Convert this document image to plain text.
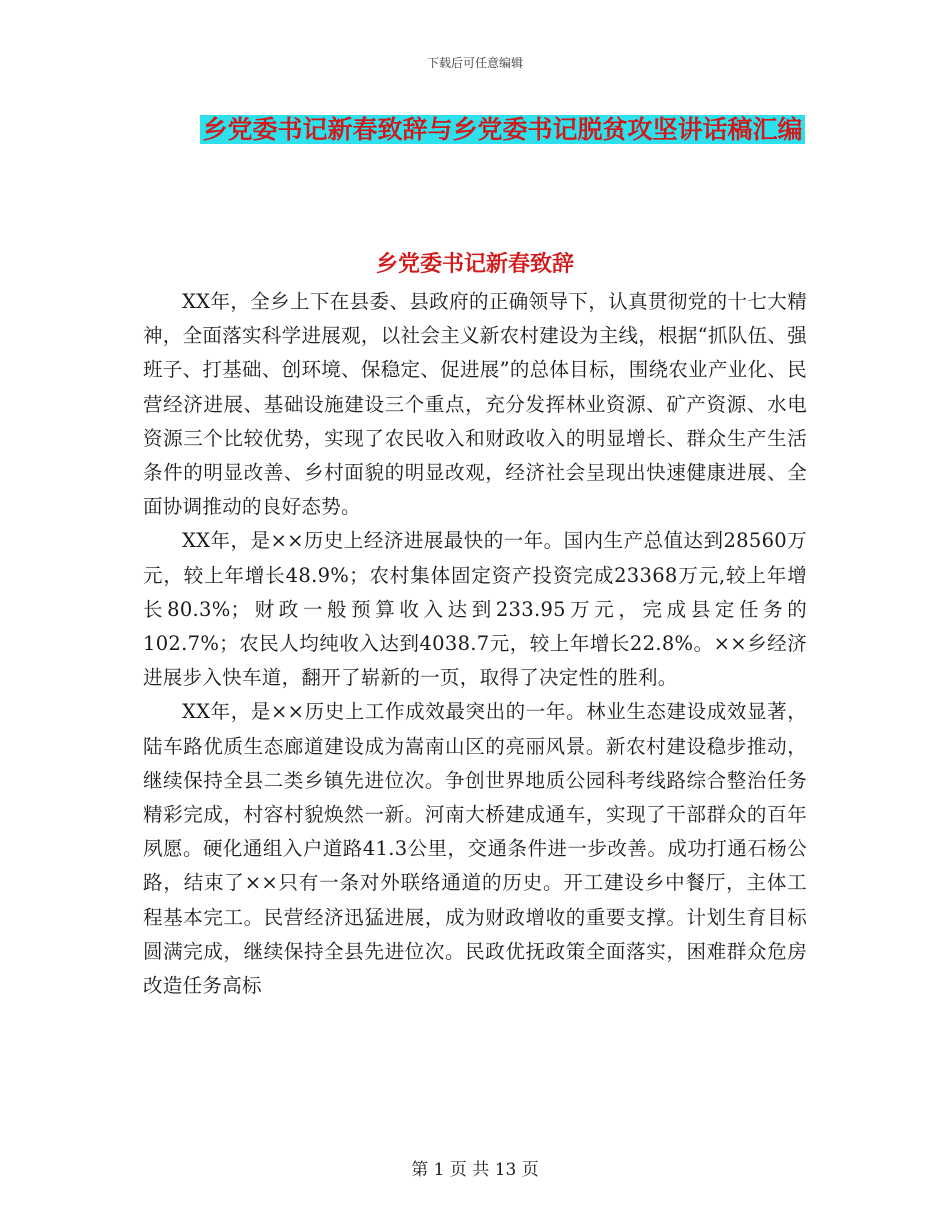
下载后可任意编辑
乡党委书记新春致辞与乡党委书记脱贫攻坚讲话稿汇编
乡党委书记新春致辞

XX年，全乡上下在县委、县政府的正确领导下，认真贯彻党的十七大精神，全面落实科学进展观，以社会主义新农村建设为主线，根据“抓队伍、强班子、打基础、创环境、保稳定、促进展”的总体目标，围绕农业产业化、民营经济进展、基础设施建设三个重点，充分发挥林业资源、矿产资源、水电资源三个比较优势，实现了农民收入和财政收入的明显增长、群众生产生活条件的明显改善、乡村面貌的明显改观，经济社会呈现出快速健康进展、全面协调推动的良好态势。

XX年，是××历史上经济进展最快的一年。国内生产总值达到28560万元，较上年增长48.9%；农村集体固定资产投资完成23368万元,较上年增长80.3%；财政一般预算收入达到233.95万元，完成县定任务的102.7%；农民人均纯收入达到4038.7元，较上年增长22.8%。××乡经济进展步入快车道，翻开了崭新的一页，取得了决定性的胜利。

XX年，是××历史上工作成效最突出的一年。林业生态建设成效显著，陆车路优质生态廊道建设成为嵩南山区的亮丽风景。新农村建设稳步推动，继续保持全县二类乡镇先进位次。争创世界地质公园科考线路综合整治任务精彩完成，村容村貌焕然一新。河南大桥建成通车，实现了干部群众的百年夙愿。硬化通组入户道路41.3公里，交通条件进一步改善。成功打通石杨公路，结束了××只有一条对外联络通道的历史。开工建设乡中餐厅，主体工程基本完工。民营经济迅猛进展，成为财政增收的重要支撑。计划生育目标圆满完成，继续保持全县先进位次。民政优抚政策全面落实，困难群众危房改造任务高标

第 1 页 共 13 页
